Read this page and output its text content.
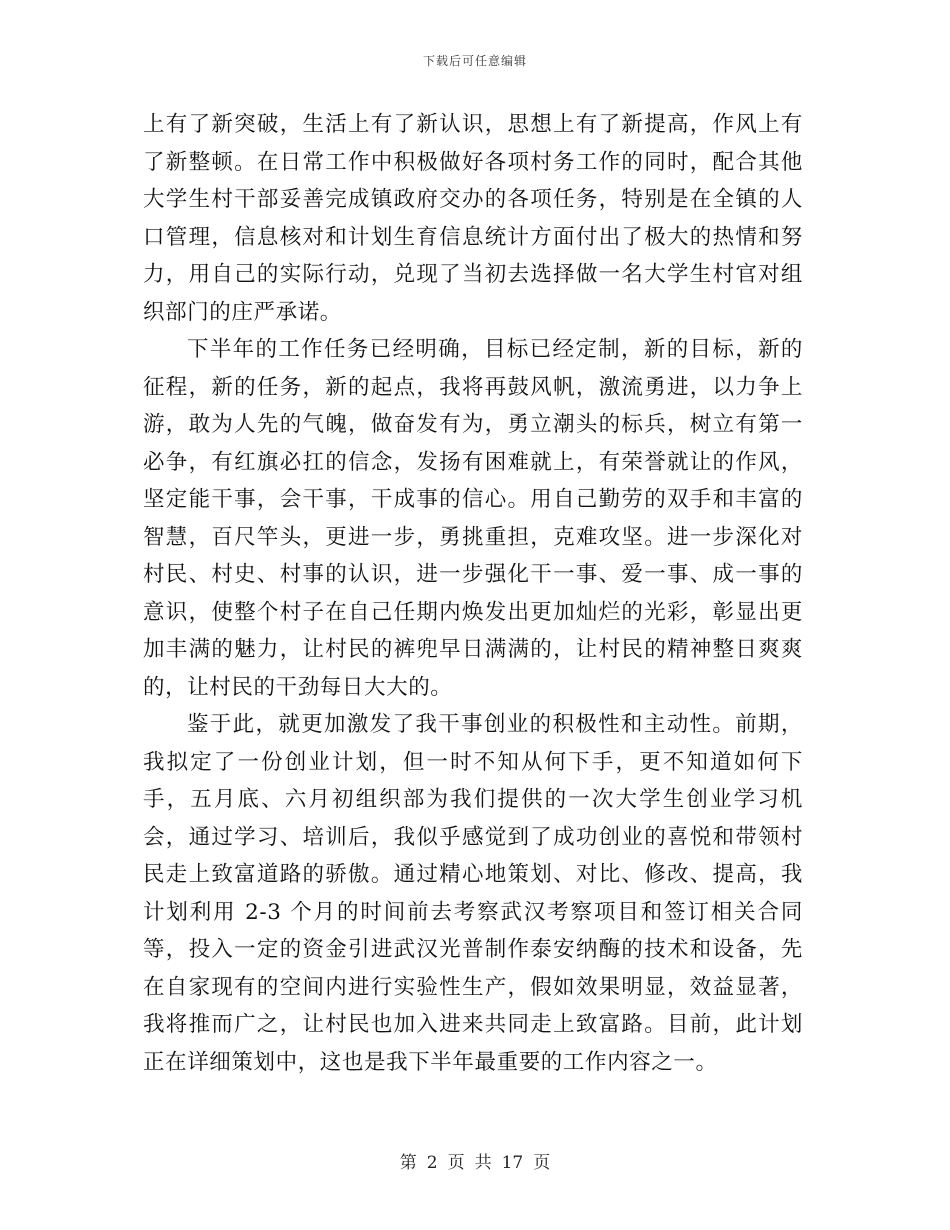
下载后可任意编辑

上有了新突破，生活上有了新认识，思想上有了新提高，作风上有了新整顿。在日常工作中积极做好各项村务工作的同时，配合其他大学生村干部妥善完成镇政府交办的各项任务，特别是在全镇的人口管理，信息核对和计划生育信息统计方面付出了极大的热情和努力，用自己的实际行动，兑现了当初去选择做一名大学生村官对组织部门的庄严承诺。

下半年的工作任务已经明确，目标已经定制，新的目标，新的征程，新的任务，新的起点，我将再鼓风帆，激流勇进，以力争上游，敢为人先的气魄，做奋发有为，勇立潮头的标兵，树立有第一必争，有红旗必扛的信念，发扬有困难就上，有荣誉就让的作风，坚定能干事，会干事，干成事的信心。用自己勤劳的双手和丰富的智慧，百尺竿头，更进一步，勇挑重担，克难攻坚。进一步深化对村民、村史、村事的认识，进一步强化干一事、爱一事、成一事的意识，使整个村子在自己任期内焕发出更加灿烂的光彩，彰显出更加丰满的魅力，让村民的裤兜早日满满的，让村民的精神整日爽爽的，让村民的干劲每日大大的。

鉴于此，就更加激发了我干事创业的积极性和主动性。前期，我拟定了一份创业计划，但一时不知从何下手，更不知道如何下手，五月底、六月初组织部为我们提供的一次大学生创业学习机会，通过学习、培训后，我似乎感觉到了成功创业的喜悦和带领村民走上致富道路的骄傲。通过精心地策划、对比、修改、提高，我计划利用 2-3 个月的时间前去考察武汉考察项目和签订相关合同等，投入一定的资金引进武汉光普制作泰安纳酶的技术和设备，先在自家现有的空间内进行实验性生产，假如效果明显，效益显著，我将推而广之，让村民也加入进来共同走上致富路。目前，此计划正在详细策划中，这也是我下半年最重要的工作内容之一。

第 2 页 共 17 页
